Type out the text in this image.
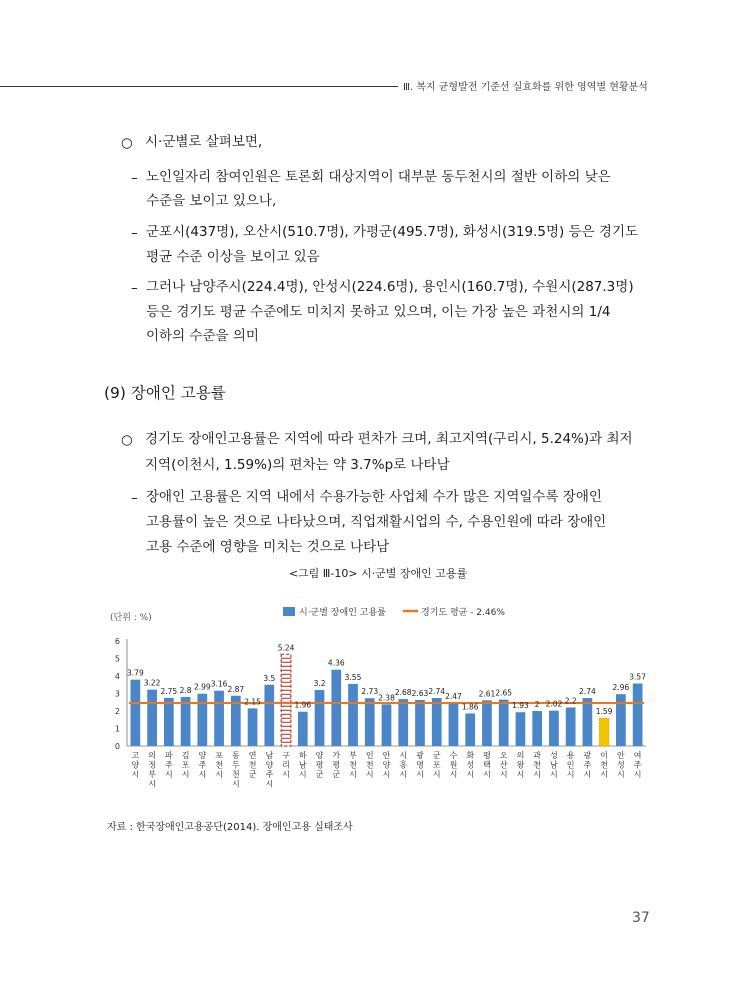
Ⅲ. 복지 균형발전 기준선 실효화를 위한 영역별 현황분석
○ 시·군별로 살펴보면,
– 노인일자리 참여인원은 토론회 대상지역이 대부분 동두천시의 절반 이하의 낮은
수준을 보이고 있으나,
– 군포시(437명), 오산시(510.7명), 가평군(495.7명), 화성시(319.5명) 등은 경기도
평균 수준 이상을 보이고 있음
– 그러나 남양주시(224.4명), 안성시(224.6명), 용인시(160.7명), 수원시(287.3명)
등은 경기도 평균 수준에도 미치지 못하고 있으며, 이는 가장 높은 과천시의 1/4
이하의 수준을 의미
(9) 장애인 고용률
○ 경기도 장애인고용률은 지역에 따라 편차가 크며, 최고지역(구리시, 5.24%)과 최저
지역(이천시, 1.59%)의 편차는 약 3.7%p로 나타남
– 장애인 고용률은 지역 내에서 수용가능한 사업체 수가 많은 지역일수록 장애인
고용률이 높은 것으로 나타났으며, 직업재활시업의 수, 수용인원에 따라 장애인
고용 수준에 영향을 미치는 것으로 나타남
<그림 Ⅲ-10> 시·군별 장애인 고용률
(단위 : %)	시·군별 장애인 고용률	경기도 평균 - 2.46%
0
1
2
3
4
5
6
3.79
3.22
2.75 2.8 2.99 3.16
2.87
2.15
3.5
5.24
1.96
3.2
4.36
3.55
2.73
2.38
2.68 2.63 2.74
2.47
1.86
2.61 2.65
1.93 2 2.02 2.2
2.74
1.59
2.96
3.57
고 양 시
의 정 부 시
파 주 시
김 포 시
양 주 시
포 천 시
동 두 천 시
연 천 군
남 양 주 시
구 리 시
하 남 시
양 평 군
가 평 군
부 천 시
인 천 시
안 양 시
시 흥 시
광 명 시
군 포 시
수 원 시
화 성 시
평 택 시
오 산 시
의 왕 시
과 천 시
성 남 시
용 인 시
광 주 시
이 천 시
안 성 시
여 주 시
자료 : 한국장애인고용공단(2014). 장애인고용 실태조사
37
